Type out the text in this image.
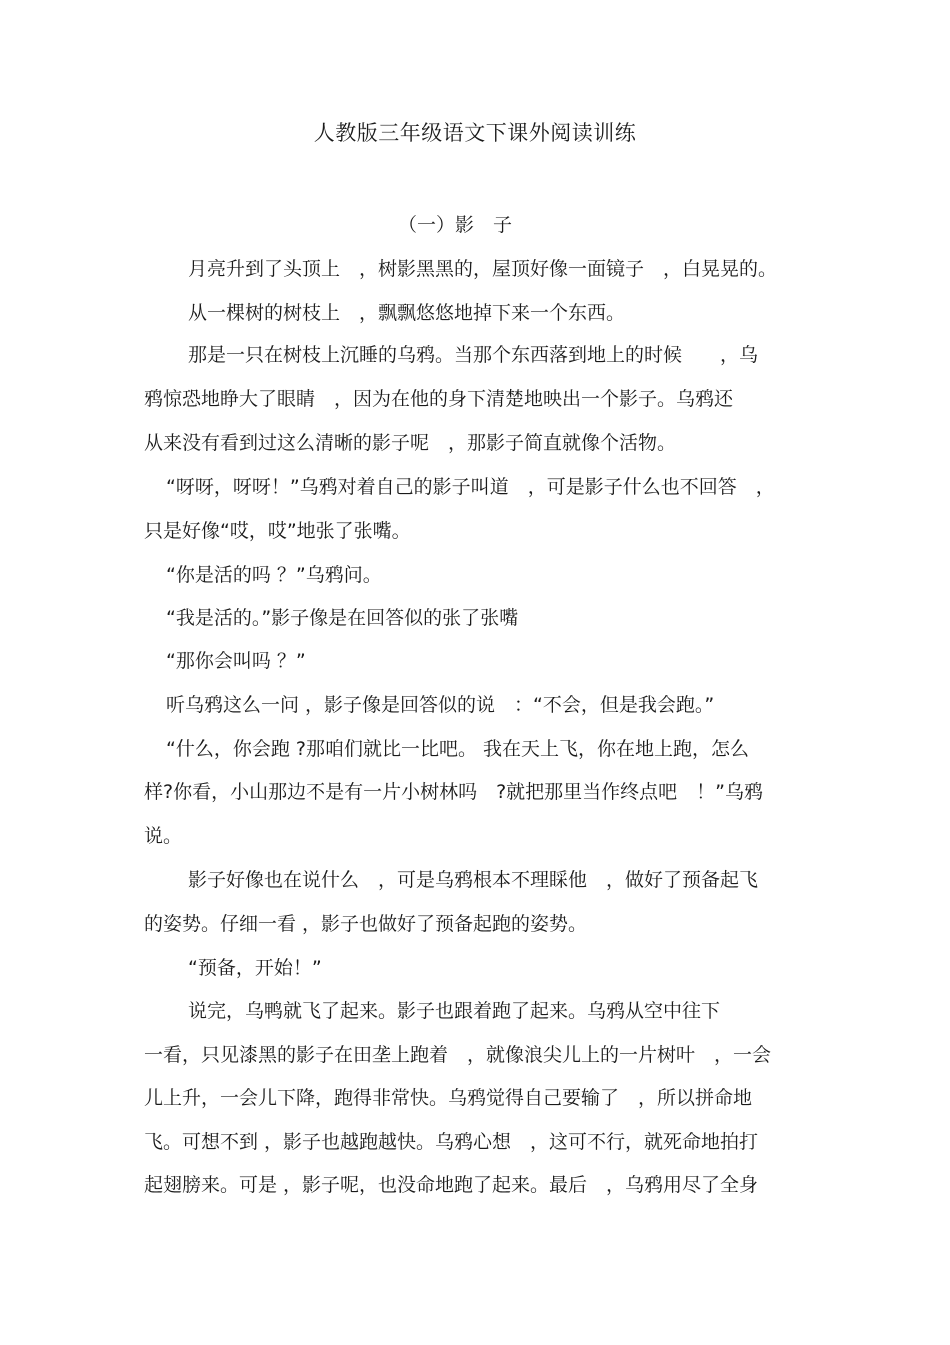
人教版三年级语文下课外阅读训练
（一）影　子
月亮升到了头顶上　，树影黑黑的，屋顶好像一面镜子　，白晃晃的。
从一棵树的树枝上　，飘飘悠悠地掉下来一个东西。
那是一只在树枝上沉睡的乌鸦。当那个东西落到地上的时候　　，乌
鸦惊恐地睁大了眼睛　，因为在他的身下清楚地映出一个影子。乌鸦还
从来没有看到过这么清晰的影子呢　，那影子简直就像个活物。
“呀呀，呀呀！”乌鸦对着自己的影子叫道　，可是影子什么也不回答　，
只是好像“哎，哎”地张了张嘴。
“你是活的吗 ？”乌鸦问。
“我是活的。”影子像是在回答似的张了张嘴
“那你会叫吗 ？”
听乌鸦这么一问 ，影子像是回答似的说　：“不会，但是我会跑。”
“什么，你会跑 ?那咱们就比一比吧。 我在天上飞，你在地上跑，怎么
样?你看，小山那边不是有一片小树林吗　?就把那里当作终点吧　！”乌鸦
说。
影子好像也在说什么　，可是乌鸦根本不理睬他　，做好了预备起飞
的姿势。仔细一看 ，影子也做好了预备起跑的姿势。
“预备，开始！”
说完，乌鸭就飞了起来。影子也跟着跑了起来。乌鸦从空中往下
一看，只见漆黑的影子在田垄上跑着　，就像浪尖儿上的一片树叶　，一会
儿上升，一会儿下降，跑得非常快。乌鸦觉得自己要输了　，所以拼命地
飞。可想不到 ，影子也越跑越快。乌鸦心想　，这可不行，就死命地拍打
起翅膀来。可是 ，影子呢，也没命地跑了起来。最后　，乌鸦用尽了全身
